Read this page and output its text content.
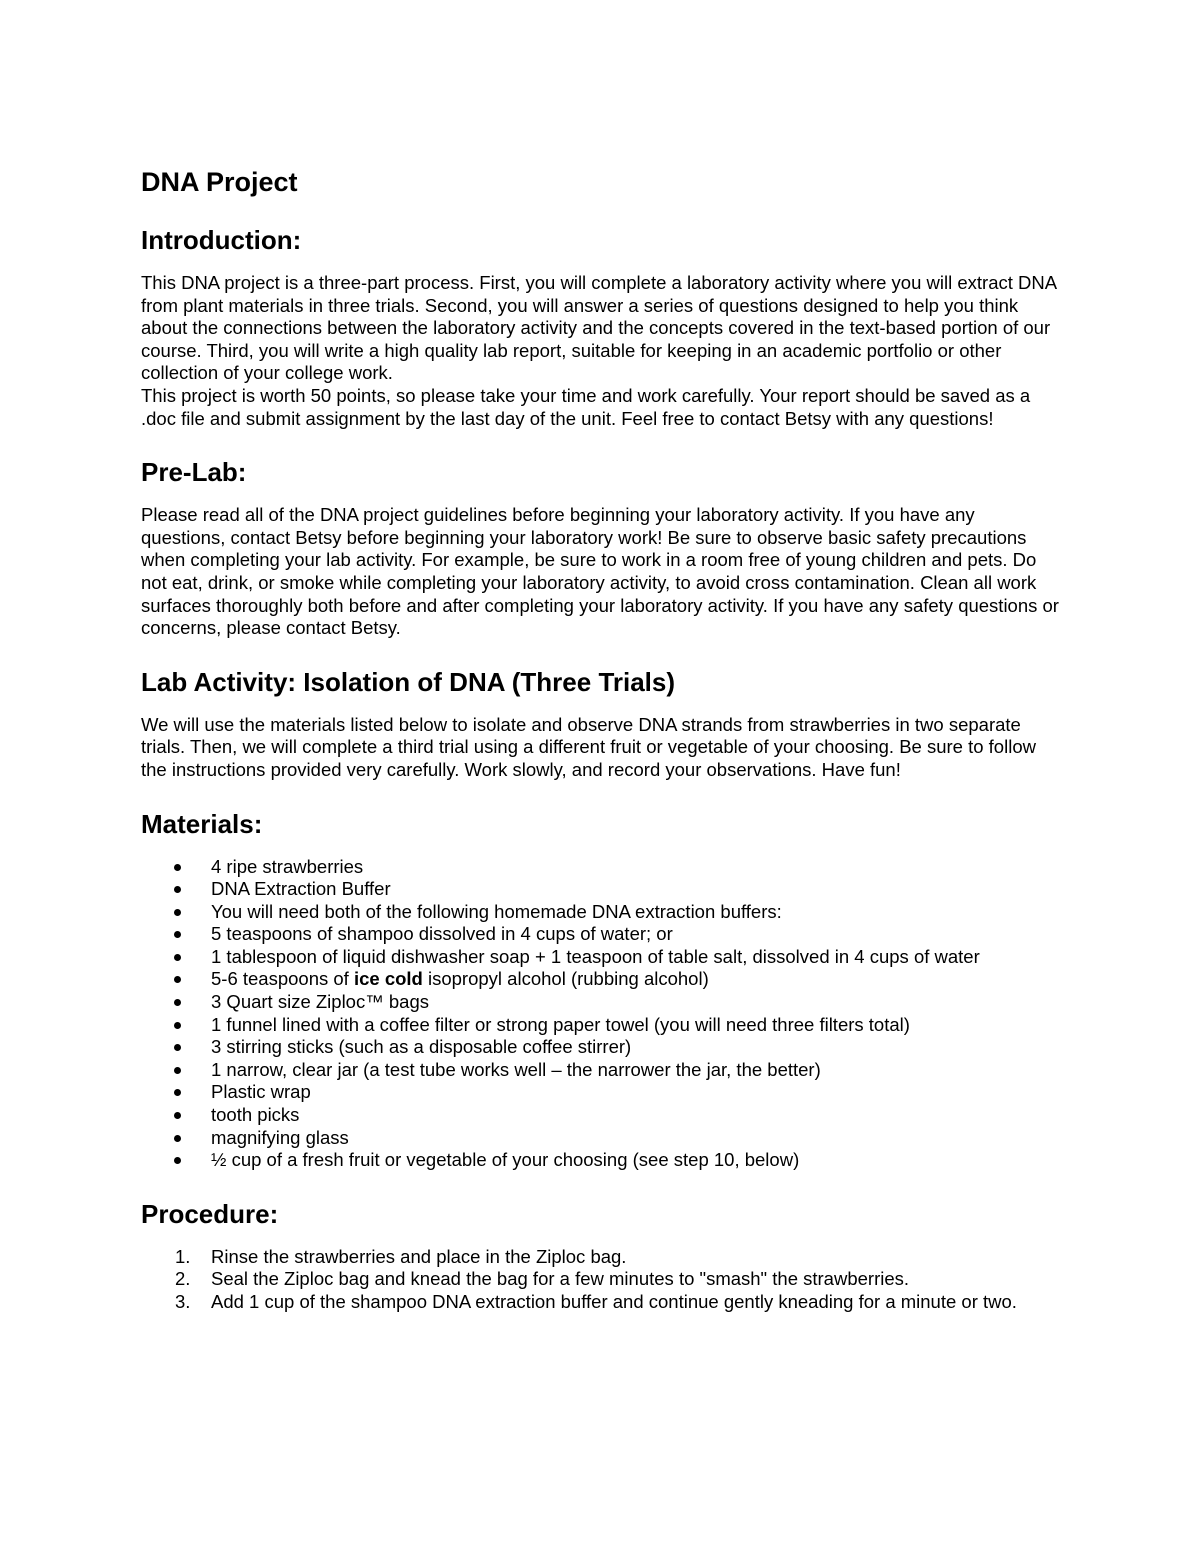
DNA Project
Introduction:

This DNA project is a three-part process. First, you will complete a laboratory activity where you will extract DNA from plant materials in three trials. Second, you will answer a series of questions designed to help you think about the connections between the laboratory activity and the concepts covered in the text-based portion of our course. Third, you will write a high quality lab report, suitable for keeping in an academic portfolio or other collection of your college work.

This project is worth 50 points, so please take your time and work carefully. Your report should be saved as a .doc file and submit assignment by the last day of the unit. Feel free to contact Betsy with any questions!

Pre-Lab:

Please read all of the DNA project guidelines before beginning your laboratory activity. If you have any questions, contact Betsy before beginning your laboratory work! Be sure to observe basic safety precautions when completing your lab activity. For example, be sure to work in a room free of young children and pets. Do not eat, drink, or smoke while completing your laboratory activity, to avoid cross contamination. Clean all work surfaces thoroughly both before and after completing your laboratory activity. If you have any safety questions or concerns, please contact Betsy.

Lab Activity: Isolation of DNA (Three Trials)

We will use the materials listed below to isolate and observe DNA strands from strawberries in two separate trials. Then, we will complete a third trial using a different fruit or vegetable of your choosing. Be sure to follow the instructions provided very carefully. Work slowly, and record your observations. Have fun!

Materials:
4 ripe strawberries
DNA Extraction Buffer
You will need both of the following homemade DNA extraction buffers:
5 teaspoons of shampoo dissolved in 4 cups of water; or
1 tablespoon of liquid dishwasher soap + 1 teaspoon of table salt, dissolved in 4 cups of water
5-6 teaspoons of ice cold isopropyl alcohol (rubbing alcohol)
3 Quart size Ziploc™ bags
1 funnel lined with a coffee filter or strong paper towel (you will need three filters total)
3 stirring sticks (such as a disposable coffee stirrer)
1 narrow, clear jar (a test tube works well – the narrower the jar, the better)
Plastic wrap
tooth picks
magnifying glass
½ cup of a fresh fruit or vegetable of your choosing (see step 10, below)
Procedure:
1. Rinse the strawberries and place in the Ziploc bag.
2. Seal the Ziploc bag and knead the bag for a few minutes to "smash" the strawberries.
3. Add 1 cup of the shampoo DNA extraction buffer and continue gently kneading for a minute or two.
